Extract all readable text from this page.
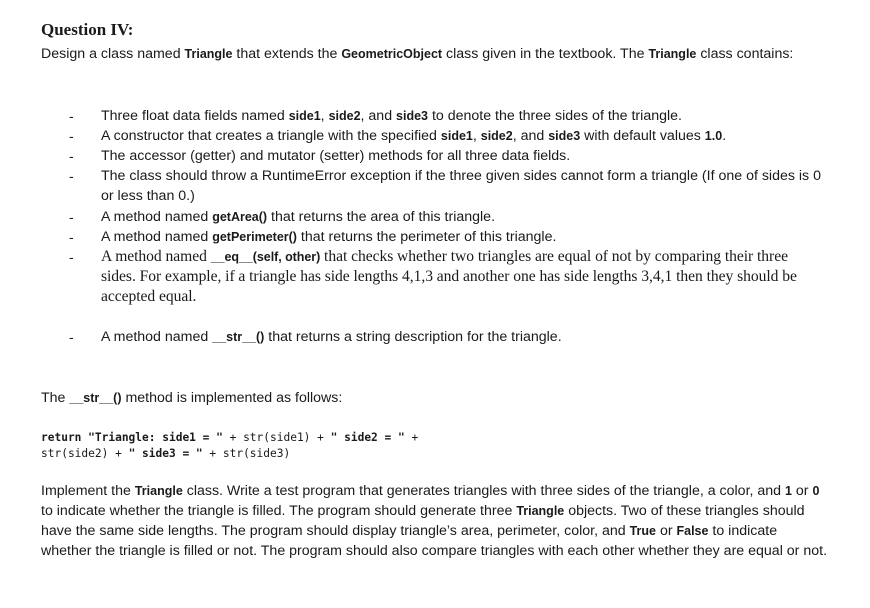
Question IV:

Design a class named Triangle that extends the GeometricObject class given in the textbook. The Triangle class contains:

- Three float data fields named side1, side2, and side3 to denote the three sides of the triangle.
- A constructor that creates a triangle with the specified side1, side2, and side3 with default values 1.0.
- The accessor (getter) and mutator (setter) methods for all three data fields.
- The class should throw a RuntimeError exception if the three given sides cannot form a triangle (If one of sides is 0 or less than 0.)
- A method named getArea() that returns the area of this triangle.
- A method named getPerimeter() that returns the perimeter of this triangle.
- A method named __eq__(self, other) that checks whether two triangles are equal of not by comparing their three sides. For example, if a triangle has side lengths 4,1,3 and another one has side lengths 3,4,1 then they should be accepted equal.
- A method named __str__() that returns a string description for the triangle.

The __str__() method is implemented as follows:

return "Triangle: side1 = " + str(side1) + " side2 = " +
str(side2) + " side3 = " + str(side3)

Implement the Triangle class. Write a test program that generates triangles with three sides of the triangle, a color, and 1 or 0 to indicate whether the triangle is filled. The program should generate three Triangle objects. Two of these triangles should have the same side lengths. The program should display triangle’s area, perimeter, color, and True or False to indicate whether the triangle is filled or not. The program should also compare triangles with each other whether they are equal or not.
